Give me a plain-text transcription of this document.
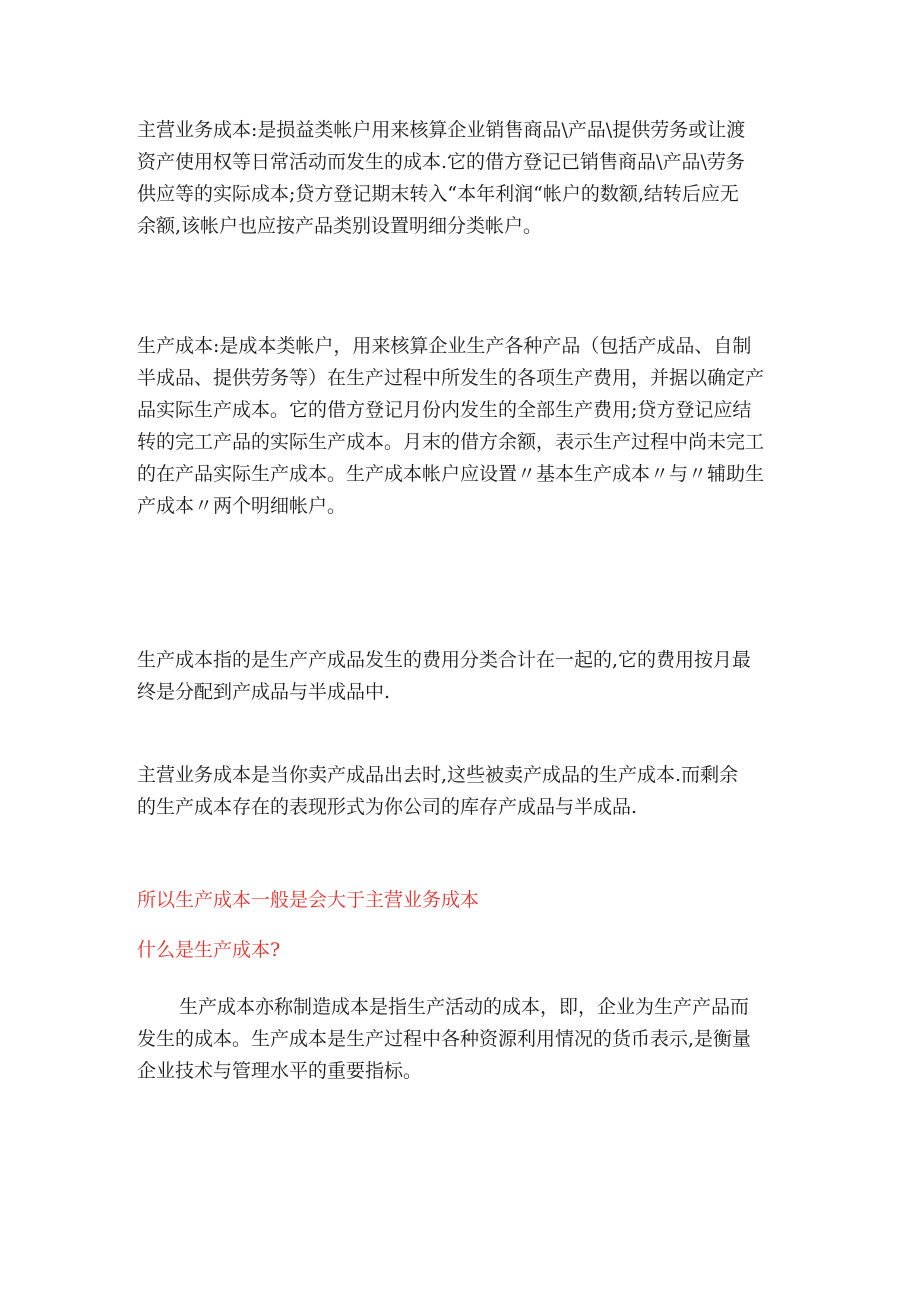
主营业务成本:是损益类帐户用来核算企业销售商品\产品\提供劳务或让渡
资产使用权等日常活动而发生的成本.它的借方登记已销售商品\产品\劳务
供应等的实际成本;贷方登记期末转入“本年利润“帐户的数额,结转后应无
余额,该帐户也应按产品类别设置明细分类帐户。

生产成本:是成本类帐户，用来核算企业生产各种产品（包括产成品、自制
半成品、提供劳务等）在生产过程中所发生的各项生产费用，并据以确定产
品实际生产成本。它的借方登记月份内发生的全部生产费用;贷方登记应结
转的完工产品的实际生产成本。月末的借方余额，表示生产过程中尚未完工
的在产品实际生产成本。生产成本帐户应设置〃基本生产成本〃与〃辅助生
产成本〃两个明细帐户。

生产成本指的是生产产成品发生的费用分类合计在一起的,它的费用按月最
终是分配到产成品与半成品中.

主营业务成本是当你卖产成品出去时,这些被卖产成品的生产成本.而剩余
的生产成本存在的表现形式为你公司的库存产成品与半成品.

所以生产成本一般是会大于主营业务成本

什么是生产成本?

生产成本亦称制造成本是指生产活动的成本，即，企业为生产产品而
发生的成本。生产成本是生产过程中各种资源利用情况的货币表示,是衡量
企业技术与管理水平的重要指标。
